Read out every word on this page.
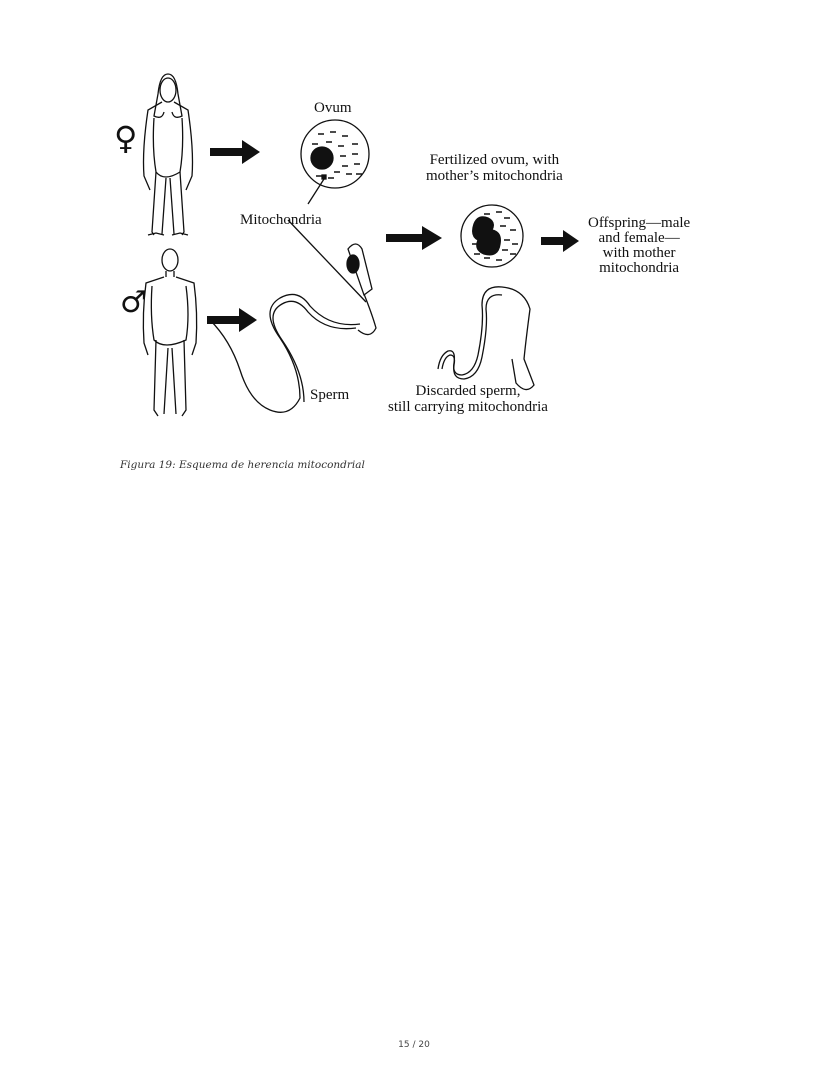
♀
♂
Ovum
Mitochondria
Fertilized ovum, with
mother’s mitochondria
Offspring—male
and female—
with mother
mitochondria
Sperm	Discarded sperm,
still carrying mitochondria
Figura 19: Esquema de herencia mitocondrial
15 / 20
